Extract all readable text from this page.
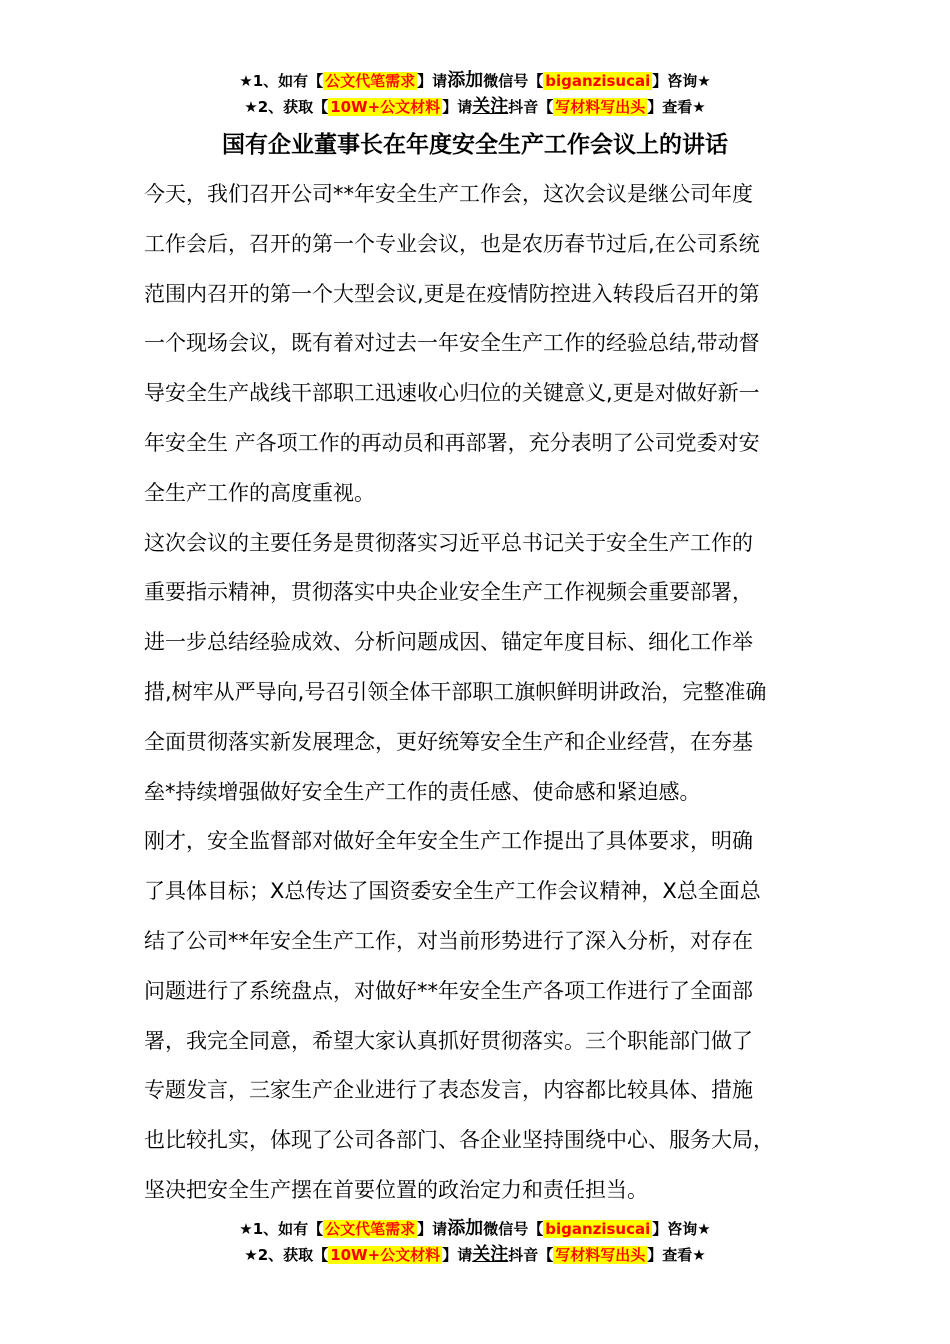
★1、如有【 公文代笔需求 】请添加微信号【 biganzisucai 】咨询★
★2、获取【 10W+公文材料 】请关注抖音【 写材料写出头 】查看★
国有企业董事长在年度安全生产工作会议上的讲话
今天，我们召开公司**年安全生产工作会，这次会议是继公司年度
工作会后，召开的第一个专业会议，也是农历春节过后,在公司系统
范围内召开的第一个大型会议,更是在疫情防控进入转段后召开的第
一个现场会议，既有着对过去一年安全生产工作的经验总结,带动督
导安全生产战线干部职工迅速收心归位的关键意义,更是对做好新一
年安全生 产各项工作的再动员和再部署，充分表明了公司党委对安
全生产工作的高度重视。
这次会议的主要任务是贯彻落实习近平总书记关于安全生产工作的
重要指示精神，贯彻落实中央企业安全生产工作视频会重要部署，
进一步总结经验成效、分析问题成因、锚定年度目标、细化工作举
措,树牢从严导向,号召引领全体干部职工旗帜鲜明讲政治，完整准确
全面贯彻落实新发展理念，更好统筹安全生产和企业经营，在夯基
垒*持续增强做好安全生产工作的责任感、使命感和紧迫感。
刚才，安全监督部对做好全年安全生产工作提出了具体要求，明确
了具体目标；X总传达了国资委安全生产工作会议精神，X总全面总
结了公司**年安全生产工作，对当前形势进行了深入分析，对存在
问题进行了系统盘点，对做好**年安全生产各项工作进行了全面部
署，我完全同意，希望大家认真抓好贯彻落实。三个职能部门做了
专题发言，三家生产企业进行了表态发言，内容都比较具体、措施
也比较扎实，体现了公司各部门、各企业坚持围绕中心、服务大局，
坚决把安全生产摆在首要位置的政治定力和责任担当。
★1、如有【 公文代笔需求 】请添加微信号【 biganzisucai 】咨询★
★2、获取【 10W+公文材料 】请关注抖音【 写材料写出头 】查看★
